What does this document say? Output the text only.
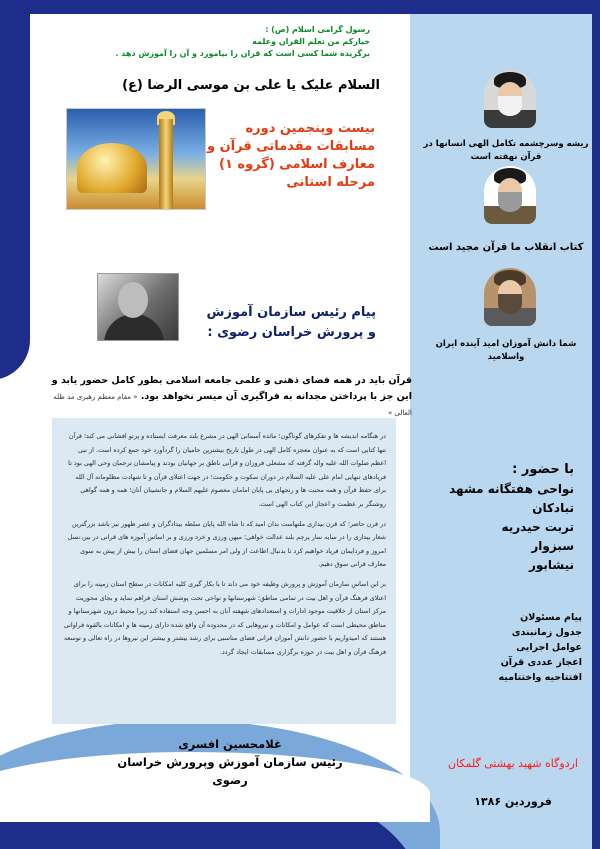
رسول گرامی اسلام (ص) :
خیارکم من تعلم القران وعلمه
برگزیده شما کسی است که قران را بیاموزد و آن را آموزش دهد .
السلام علیک یا علی بن موسی الرضا (ع)
بیست وپنجمین دوره
مسابقات مقدماتی قرآن و
معارف اسلامی (گروه ۱)
مرحله استانی
پیام رئیس سازمان آموزش
و پرورش خراسان رضوی :
قرآن باید در همه فضای ذهنی و علمی جامعه اسلامی بطور کامل حضور یابد و این جز با پرداختن مجدانه به فراگیری آن میسر نخواهد بود. « مقام معظم رهبری مد ظله العالی »

در هنگامه اندیشه ها و تفکرهای گوناگون؛ مائده آسمانی الهی در مشرع بلند معرفت ایستاده و پرتو افشانی می کند؛ قرآن تنها کتابی است که به عنوان معجزه کامل الهی در طول تاریخ بیشترین حامیان را گردآورد خود جمع کرده است. از نبی اعظم صلوات الله علیه واله گرفته که مشعلی فروزان و قرآنی ناطق بر جهانیان بودند و پیامشان ترجمان وحی الهی بود تا فریادهای تنهایی امام علی علیه السلام در دوران سکوت و حکومت؛ در جهت اعتلای قرآن و تا شهادت مظلومانه آل الله برای حفظ قرآن و همه محنت ها و رنجهای بی پایان امامان معصوم علیهم السلام و جانشینان آنان؛ همه و همه گواهی روشنگر بر عظمت و اعجاز این کتاب الهی است.

در قرن حاضر؛ که قرن بیداری ملتهاست بدان امید که تا شاه الله پایان سلطه بیدادگران و عصر ظهور نیز باشد بزرگترین شعار بیداری را در سایه سار پرچم بلند عدالت خواهی؛ میهن ورزی و خرد ورزی و بر اساس آموزه های قرانی در بین نسل امروز و فردایمان فریاد خواهیم کرد تا بدنبال اطاعت از ولی امر مسلمین جهان فضای استان را بیش از پیش به سوی معارف قرانی سوق دهیم.

بر این اساس سازمان آموزش و پرورش وظیفه خود می داند تا با بکار گیری کلیه امکانات در سطح استان زمینه را برای اعتلای فرهنگ قرآن و اهل بیت در تمامی مناطق؛ شهرستانها و نواحی تحت پوشش استان فراهم نماید و بجای محوریت مرکز استان از خلاقیت موجود ادارات و استعدادهای شهفته آنان به احسن وجه استفاده کند زیرا محیط درون شهرستانها و مناطق محیطی است که عوامل و امکانات و نیروهایی که در محدوده آن واقع شده دارای زمینه ها و امکانات بالقوه فراوانی هستند که امیدواریم با حضور دانش آموزان قرانی فضای مناسبی برای رشد بیشتر و بیشتر این نیروها در راه تعالی و توسعه فرهنگ قرآن و اهل بیت در حوزه برگزاری مسابقات ایجاد گردد.

غلامحسین افسری
رئیس سازمان آموزش وپرورش خراسان رضوی
ریشه وسرچشمه تکامل الهی انسانها در قرآن نهفته است
کتاب انقلاب ما قرآن مجید است
شما دانش آموزان امید آینده ایران واسلامید
با حضور :
نواحی هفتگانه مشهد
تبادکان
تربت حیدریه
سبزوار
نیشابور
پیام مسئولان
جدول زمانبندی
عوامل اجرایی
اعجاز عددی قرآن
افتتاحیه واختتامیه
اردوگاه شهید بهشتی گلمکان
فروردین ۱۳۸۶
